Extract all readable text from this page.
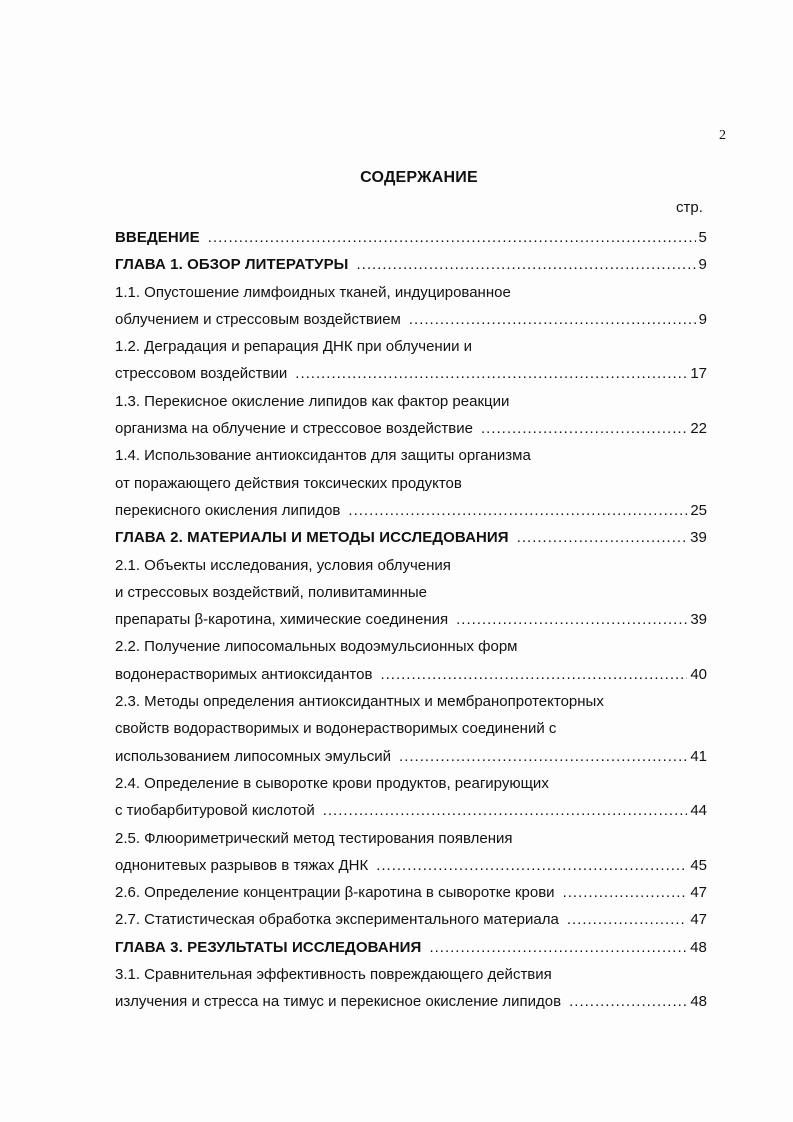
2
СОДЕРЖАНИЕ
стр.
ВВЕДЕНИЕ .....	5
ГЛАВА 1. ОБЗОР ЛИТЕРАТУРЫ .....	9
1.1. Опустошение лимфоидных тканей, индуцированное
облучением и стрессовым воздействием .....	9
1.2. Деградация и репарация ДНК при облучении и
стрессовом воздействии .....	17
1.3. Перекисное окисление липидов как фактор реакции
организма на облучение и стрессовое воздействие .....	22
1.4. Использование антиоксидантов для защиты организма
от поражающего действия токсических продуктов
перекисного окисления липидов .....	25
ГЛАВА 2. МАТЕРИАЛЫ И МЕТОДЫ ИССЛЕДОВАНИЯ .....	39
2.1. Объекты исследования, условия облучения
и стрессовых воздействий, поливитаминные
препараты β-каротина, химические соединения .....	39
2.2. Получение липосомальных водоэмульсионных форм
водонерастворимых антиоксидантов .....	40
2.3. Методы определения антиоксидантных и мембранопротекторных
свойств водорастворимых и водонерастворимых соединений с
использованием липосомных эмульсий .....	41
2.4. Определение в сыворотке крови продуктов, реагирующих
с тиобарбитуровой кислотой .....	44
2.5. Флюориметрический метод тестирования появления
однонитевых разрывов в тяжах ДНК .....	45
2.6. Определение концентрации β-каротина в сыворотке крови .....	47
2.7. Статистическая обработка экспериментального материала .....	47
ГЛАВА 3. РЕЗУЛЬТАТЫ ИССЛЕДОВАНИЯ .....	48
3.1. Сравнительная эффективность повреждающего действия
излучения и стресса на тимус и перекисное окисление липидов .....	48
